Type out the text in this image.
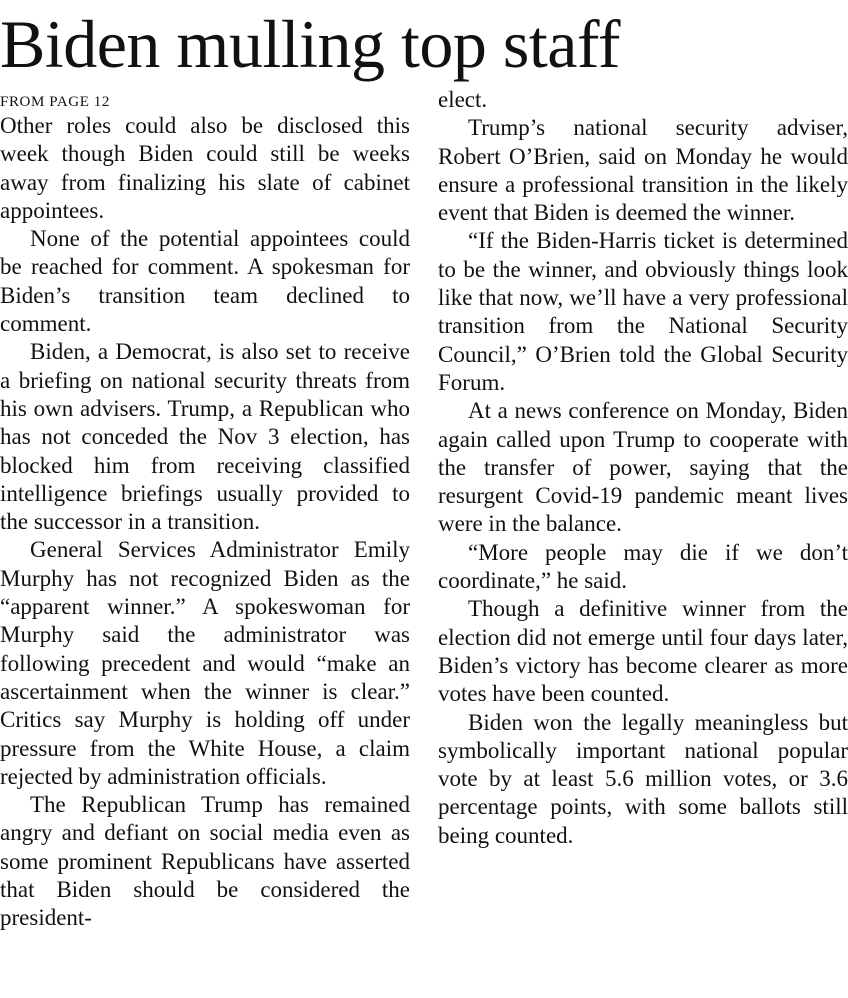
Biden mulling top staff
FROM PAGE 12

Other roles could also be disclosed this week though Biden could still be weeks away from finalizing his slate of cabinet appointees.

None of the potential appointees could be reached for comment. A spokesman for Biden’s transition team declined to comment.

Biden, a Democrat, is also set to receive a briefing on national security threats from his own advisers. Trump, a Republican who has not conceded the Nov 3 election, has blocked him from receiving classified intelligence briefings usually provided to the successor in a transition.

General Services Administrator Emily Murphy has not recognized Biden as the “apparent winner.” A spokeswoman for Murphy said the administrator was following precedent and would “make an ascertainment when the winner is clear.” Critics say Murphy is holding off under pressure from the White House, a claim rejected by administration officials.

The Republican Trump has remained angry and defiant on social media even as some prominent Republicans have asserted that Biden should be considered the president-

elect.

Trump’s national security adviser, Robert O’Brien, said on Monday he would ensure a professional transition in the likely event that Biden is deemed the winner.

“If the Biden-Harris ticket is determined to be the winner, and obviously things look like that now, we’ll have a very professional transition from the National Security Council,” O’Brien told the Global Security Forum.

At a news conference on Monday, Biden again called upon Trump to cooperate with the transfer of power, saying that the resurgent Covid-19 pandemic meant lives were in the balance.

“More people may die if we don’t coordinate,” he said.

Though a definitive winner from the election did not emerge until four days later, Biden’s victory has become clearer as more votes have been counted.

Biden won the legally meaningless but symbolically important national popular vote by at least 5.6 million votes, or 3.6 percentage points, with some ballots still being counted.
